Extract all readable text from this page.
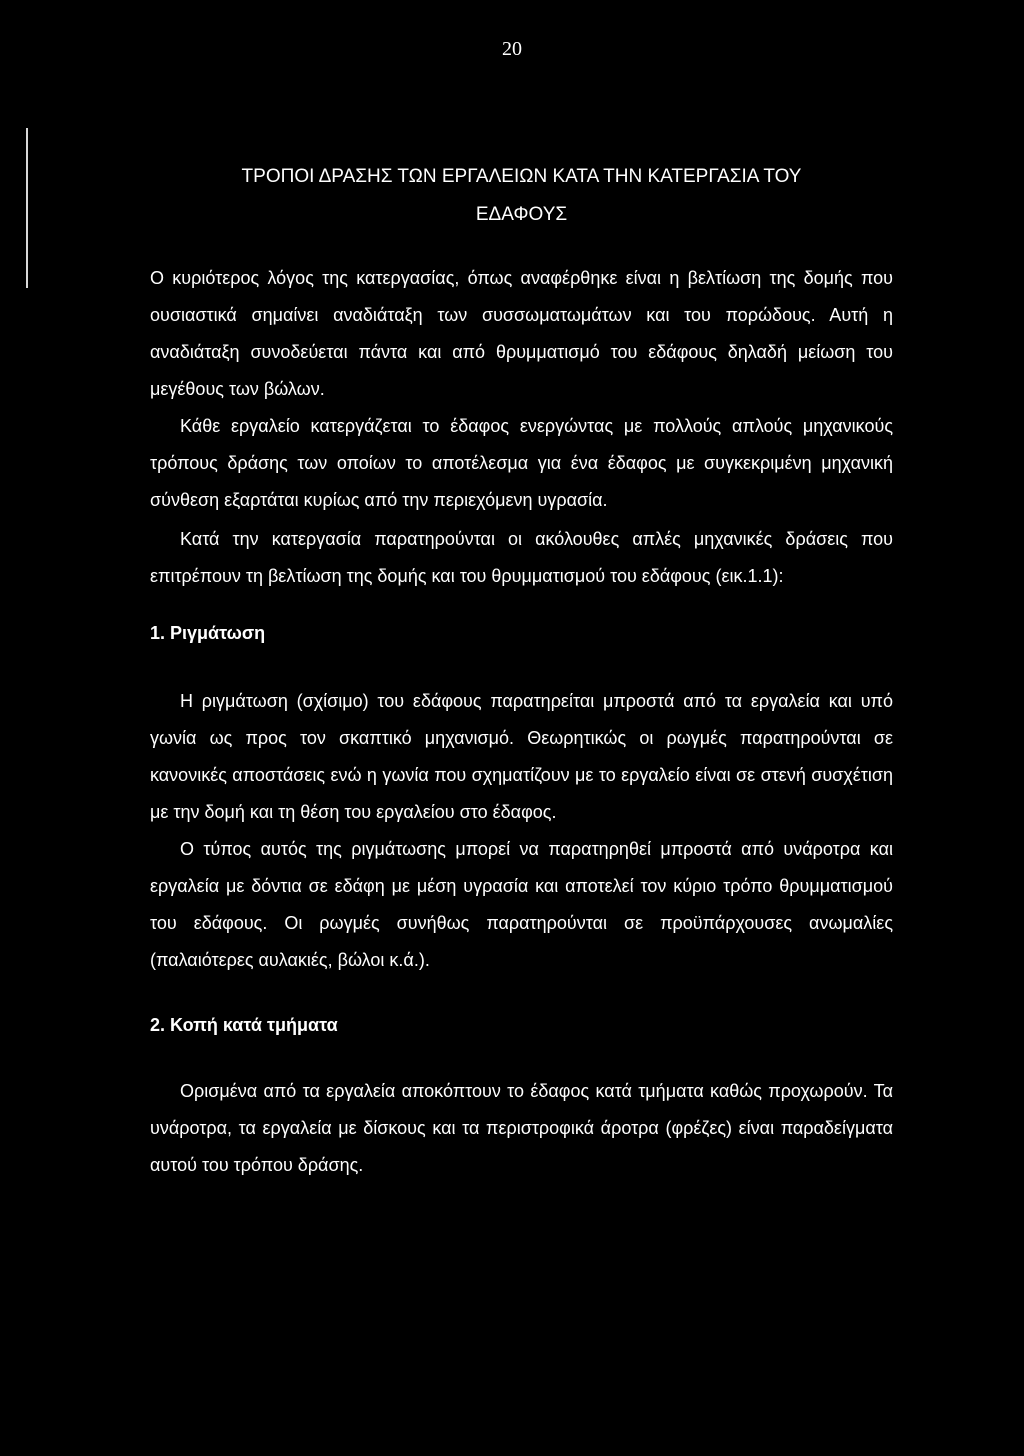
20
ΤΡΟΠΟΙ ΔΡΑΣΗΣ ΤΩΝ ΕΡΓΑΛΕΙΩΝ ΚΑΤΑ ΤΗΝ ΚΑΤΕΡΓΑΣΙΑ ΤΟΥ
ΕΔΑΦΟΥΣ

Ο κυριότερος λόγος της κατεργασίας, όπως αναφέρθηκε είναι η βελτίωση της δομής που ουσιαστικά σημαίνει αναδιάταξη των συσσωματωμάτων και του πορώδους. Αυτή η αναδιάταξη συνοδεύεται πάντα και από θρυμματισμό του εδάφους δηλαδή μείωση του μεγέθους των βώλων.

Κάθε εργαλείο κατεργάζεται το έδαφος ενεργώντας με πολλούς απλούς μηχανικούς τρόπους δράσης των οποίων το αποτέλεσμα για ένα έδαφος με συγκεκριμένη μηχανική σύνθεση εξαρτάται κυρίως από την περιεχόμενη υγρασία.

Κατά την κατεργασία παρατηρούνται οι ακόλουθες απλές μηχανικές δράσεις που επιτρέπουν τη βελτίωση της δομής και του θρυμματισμού του εδάφους (εικ.1.1):

1. Ριγμάτωση

Η ριγμάτωση (σχίσιμο) του εδάφους παρατηρείται μπροστά από τα εργαλεία και υπό γωνία ως προς τον σκαπτικό μηχανισμό. Θεωρητικώς οι ρωγμές παρατηρούνται σε κανονικές αποστάσεις ενώ η γωνία που σχηματίζουν με το εργαλείο είναι σε στενή συσχέτιση με την δομή και τη θέση του εργαλείου στο έδαφος.

Ο τύπος αυτός της ριγμάτωσης μπορεί να παρατηρηθεί μπροστά από υνάροτρα και εργαλεία με δόντια σε εδάφη με μέση υγρασία και αποτελεί τον κύριο τρόπο θρυμματισμού του εδάφους. Οι ρωγμές συνήθως παρατηρούνται σε προϋπάρχουσες ανωμαλίες (παλαιότερες αυλακιές, βώλοι κ.ά.).

2. Κοπή κατά τμήματα

Ορισμένα από τα εργαλεία αποκόπτουν το έδαφος κατά τμήματα καθώς προχωρούν. Τα υνάροτρα, τα εργαλεία με δίσκους και τα περιστροφικά άροτρα (φρέζες) είναι παραδείγματα αυτού του τρόπου δράσης.
